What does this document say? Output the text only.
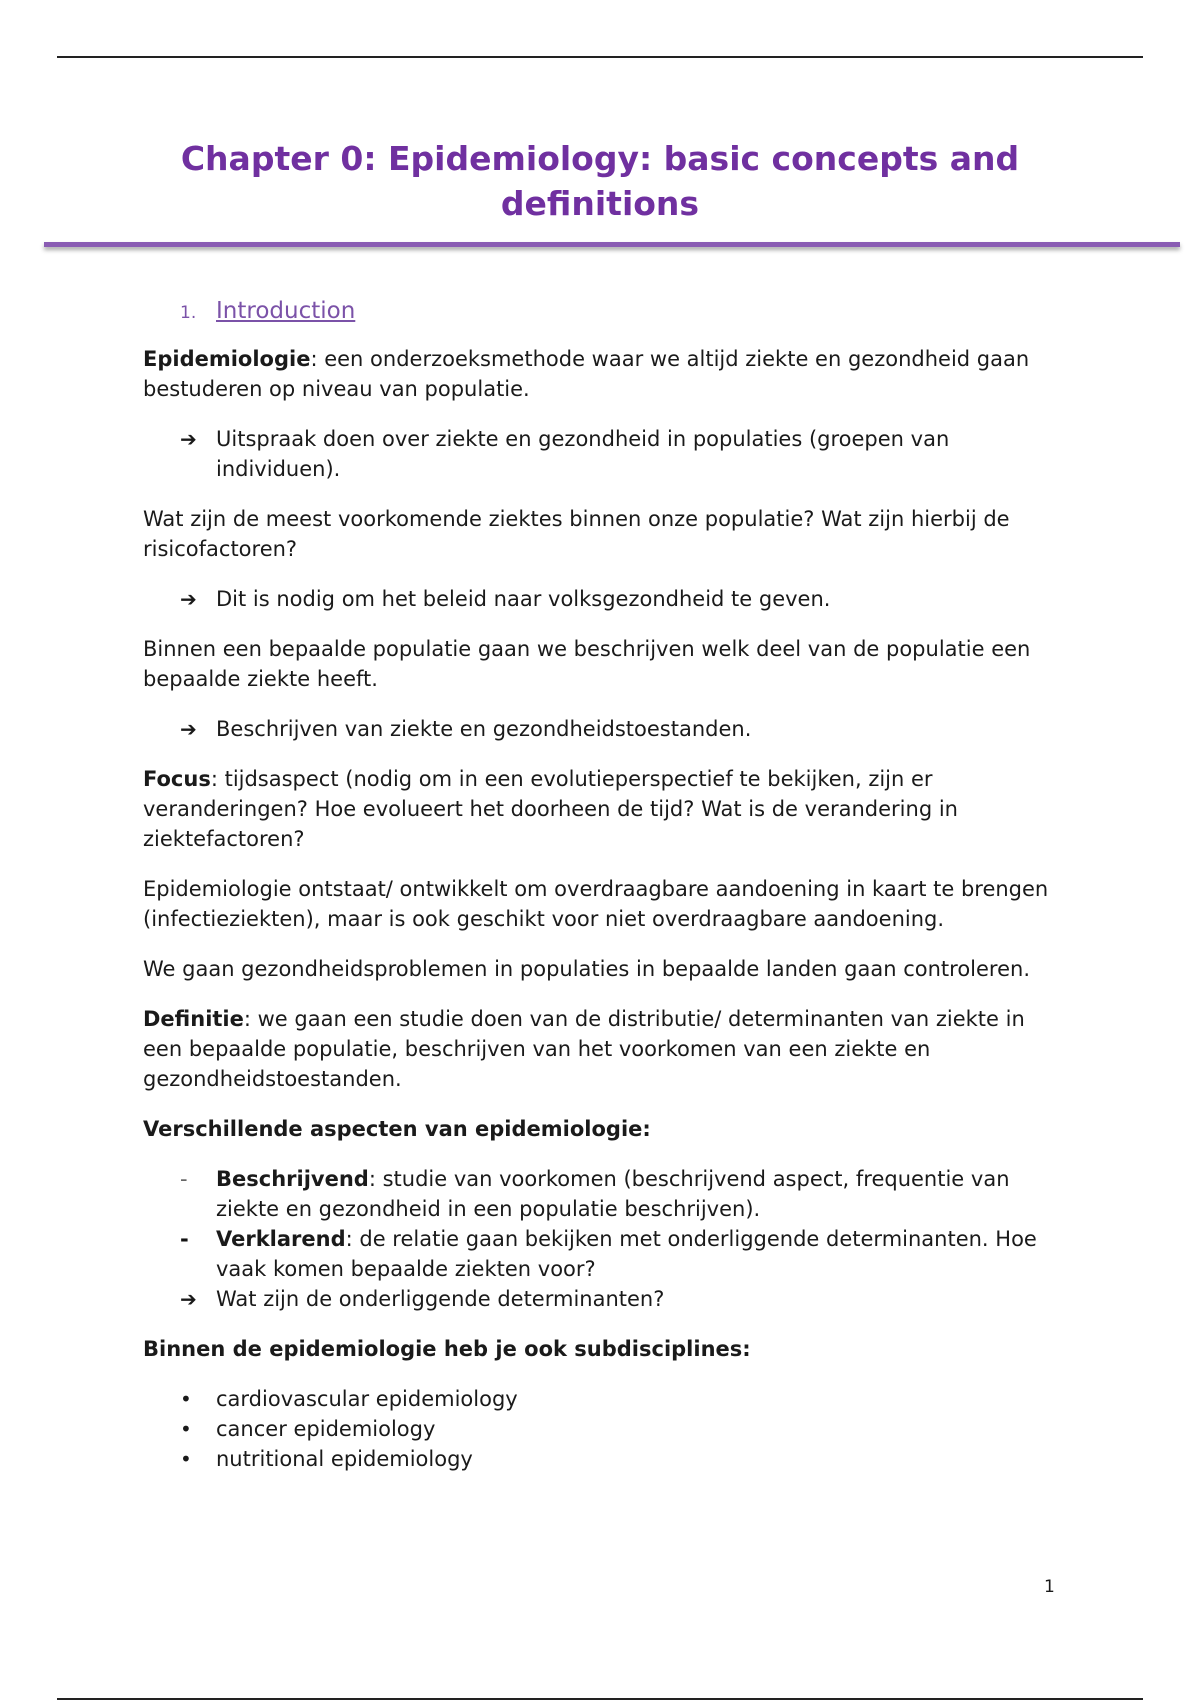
Chapter 0: Epidemiology: basic concepts and definitions
1. Introduction

Epidemiologie: een onderzoeksmethode waar we altijd ziekte en gezondheid gaan bestuderen op niveau van populatie.

➔ Uitspraak doen over ziekte en gezondheid in populaties (groepen van individuen).

Wat zijn de meest voorkomende ziektes binnen onze populatie? Wat zijn hierbij de risicofactoren?

➔ Dit is nodig om het beleid naar volksgezondheid te geven.

Binnen een bepaalde populatie gaan we beschrijven welk deel van de populatie een bepaalde ziekte heeft.

➔ Beschrijven van ziekte en gezondheidstoestanden.

Focus: tijdsaspect (nodig om in een evolutieperspectief te bekijken, zijn er veranderingen? Hoe evolueert het doorheen de tijd? Wat is de verandering in ziektefactoren?

Epidemiologie ontstaat/ ontwikkelt om overdraagbare aandoening in kaart te brengen (infectieziekten), maar is ook geschikt voor niet overdraagbare aandoening.

We gaan gezondheidsproblemen in populaties in bepaalde landen gaan controleren.

Definitie: we gaan een studie doen van de distributie/ determinanten van ziekte in een bepaalde populatie, beschrijven van het voorkomen van een ziekte en gezondheidstoestanden.

Verschillende aspecten van epidemiologie:

-	Beschrijvend: studie van voorkomen (beschrijvend aspect, frequentie van ziekte en gezondheid in een populatie beschrijven).
-	Verklarend: de relatie gaan bekijken met onderliggende determinanten. Hoe vaak komen bepaalde ziekten voor?
➔ Wat zijn de onderliggende determinanten?

Binnen de epidemiologie heb je ook subdisciplines:

•	cardiovascular epidemiology
•	cancer epidemiology
•	nutritional epidemiology
1
